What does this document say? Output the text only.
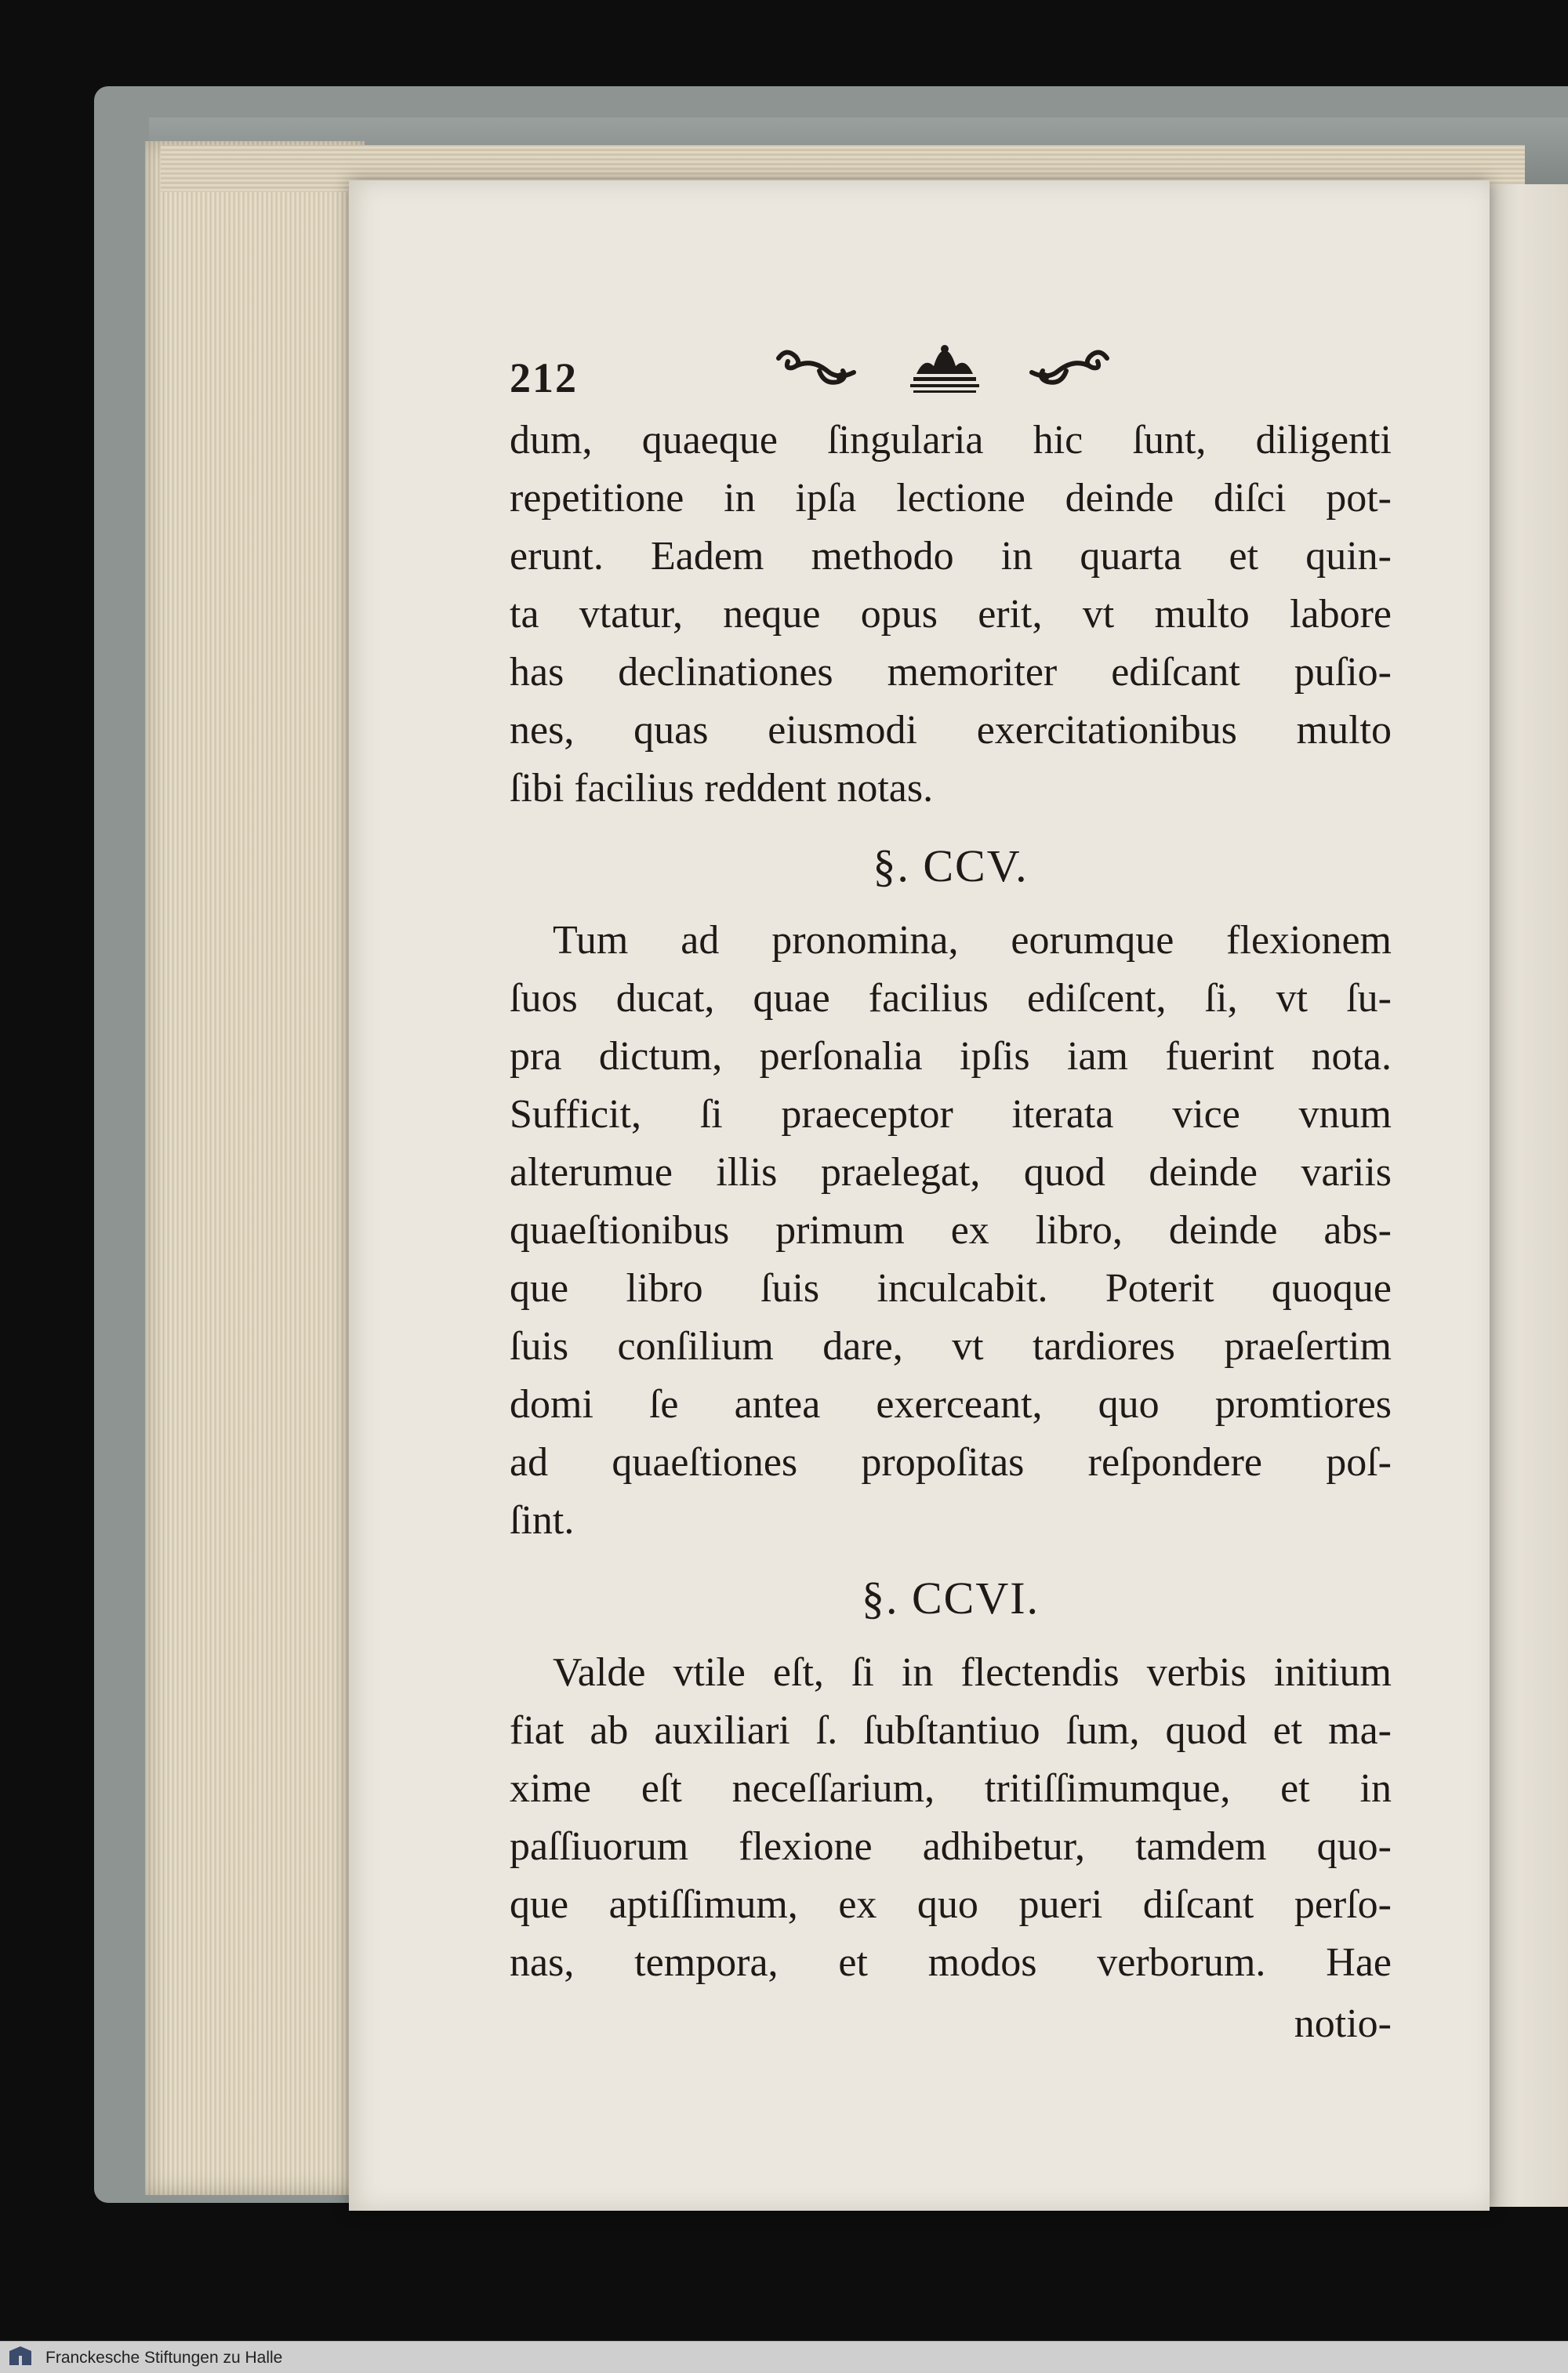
212
dum, quaeque ſingularia hic ſunt, diligenti
repetitione in ipſa lectione deinde diſci pot-
erunt. Eadem methodo in quarta et quin-
ta vtatur, neque opus erit, vt multo labore
has declinationes memoriter ediſcant puſio-
nes, quas eiusmodi exercitationibus multo
ſibi facilius reddent notas.
§. CCV.
Tum ad pronomina, eorumque flexionem
ſuos ducat, quae facilius ediſcent, ſi, vt ſu-
pra dictum, perſonalia ipſis iam fuerint nota.
Sufficit, ſi praeceptor iterata vice vnum
alterumue illis praelegat, quod deinde variis
quaeſtionibus primum ex libro, deinde abs-
que libro ſuis inculcabit. Poterit quoque
ſuis conſilium dare, vt tardiores praeſertim
domi ſe antea exerceant, quo promtiores
ad quaeſtiones propoſitas reſpondere poſ-
ſint.
§. CCVI.
Valde vtile eſt, ſi in flectendis verbis initium
fiat ab auxiliari ſ. ſubſtantiuo ſum, quod et ma-
xime eſt neceſſarium, tritiſſimumque, et in
paſſiuorum flexione adhibetur, tamdem quo-
que aptiſſimum, ex quo pueri diſcant perſo-
nas, tempora, et modos verborum. Hae
notio-
Franckesche Stiftungen zu Halle
